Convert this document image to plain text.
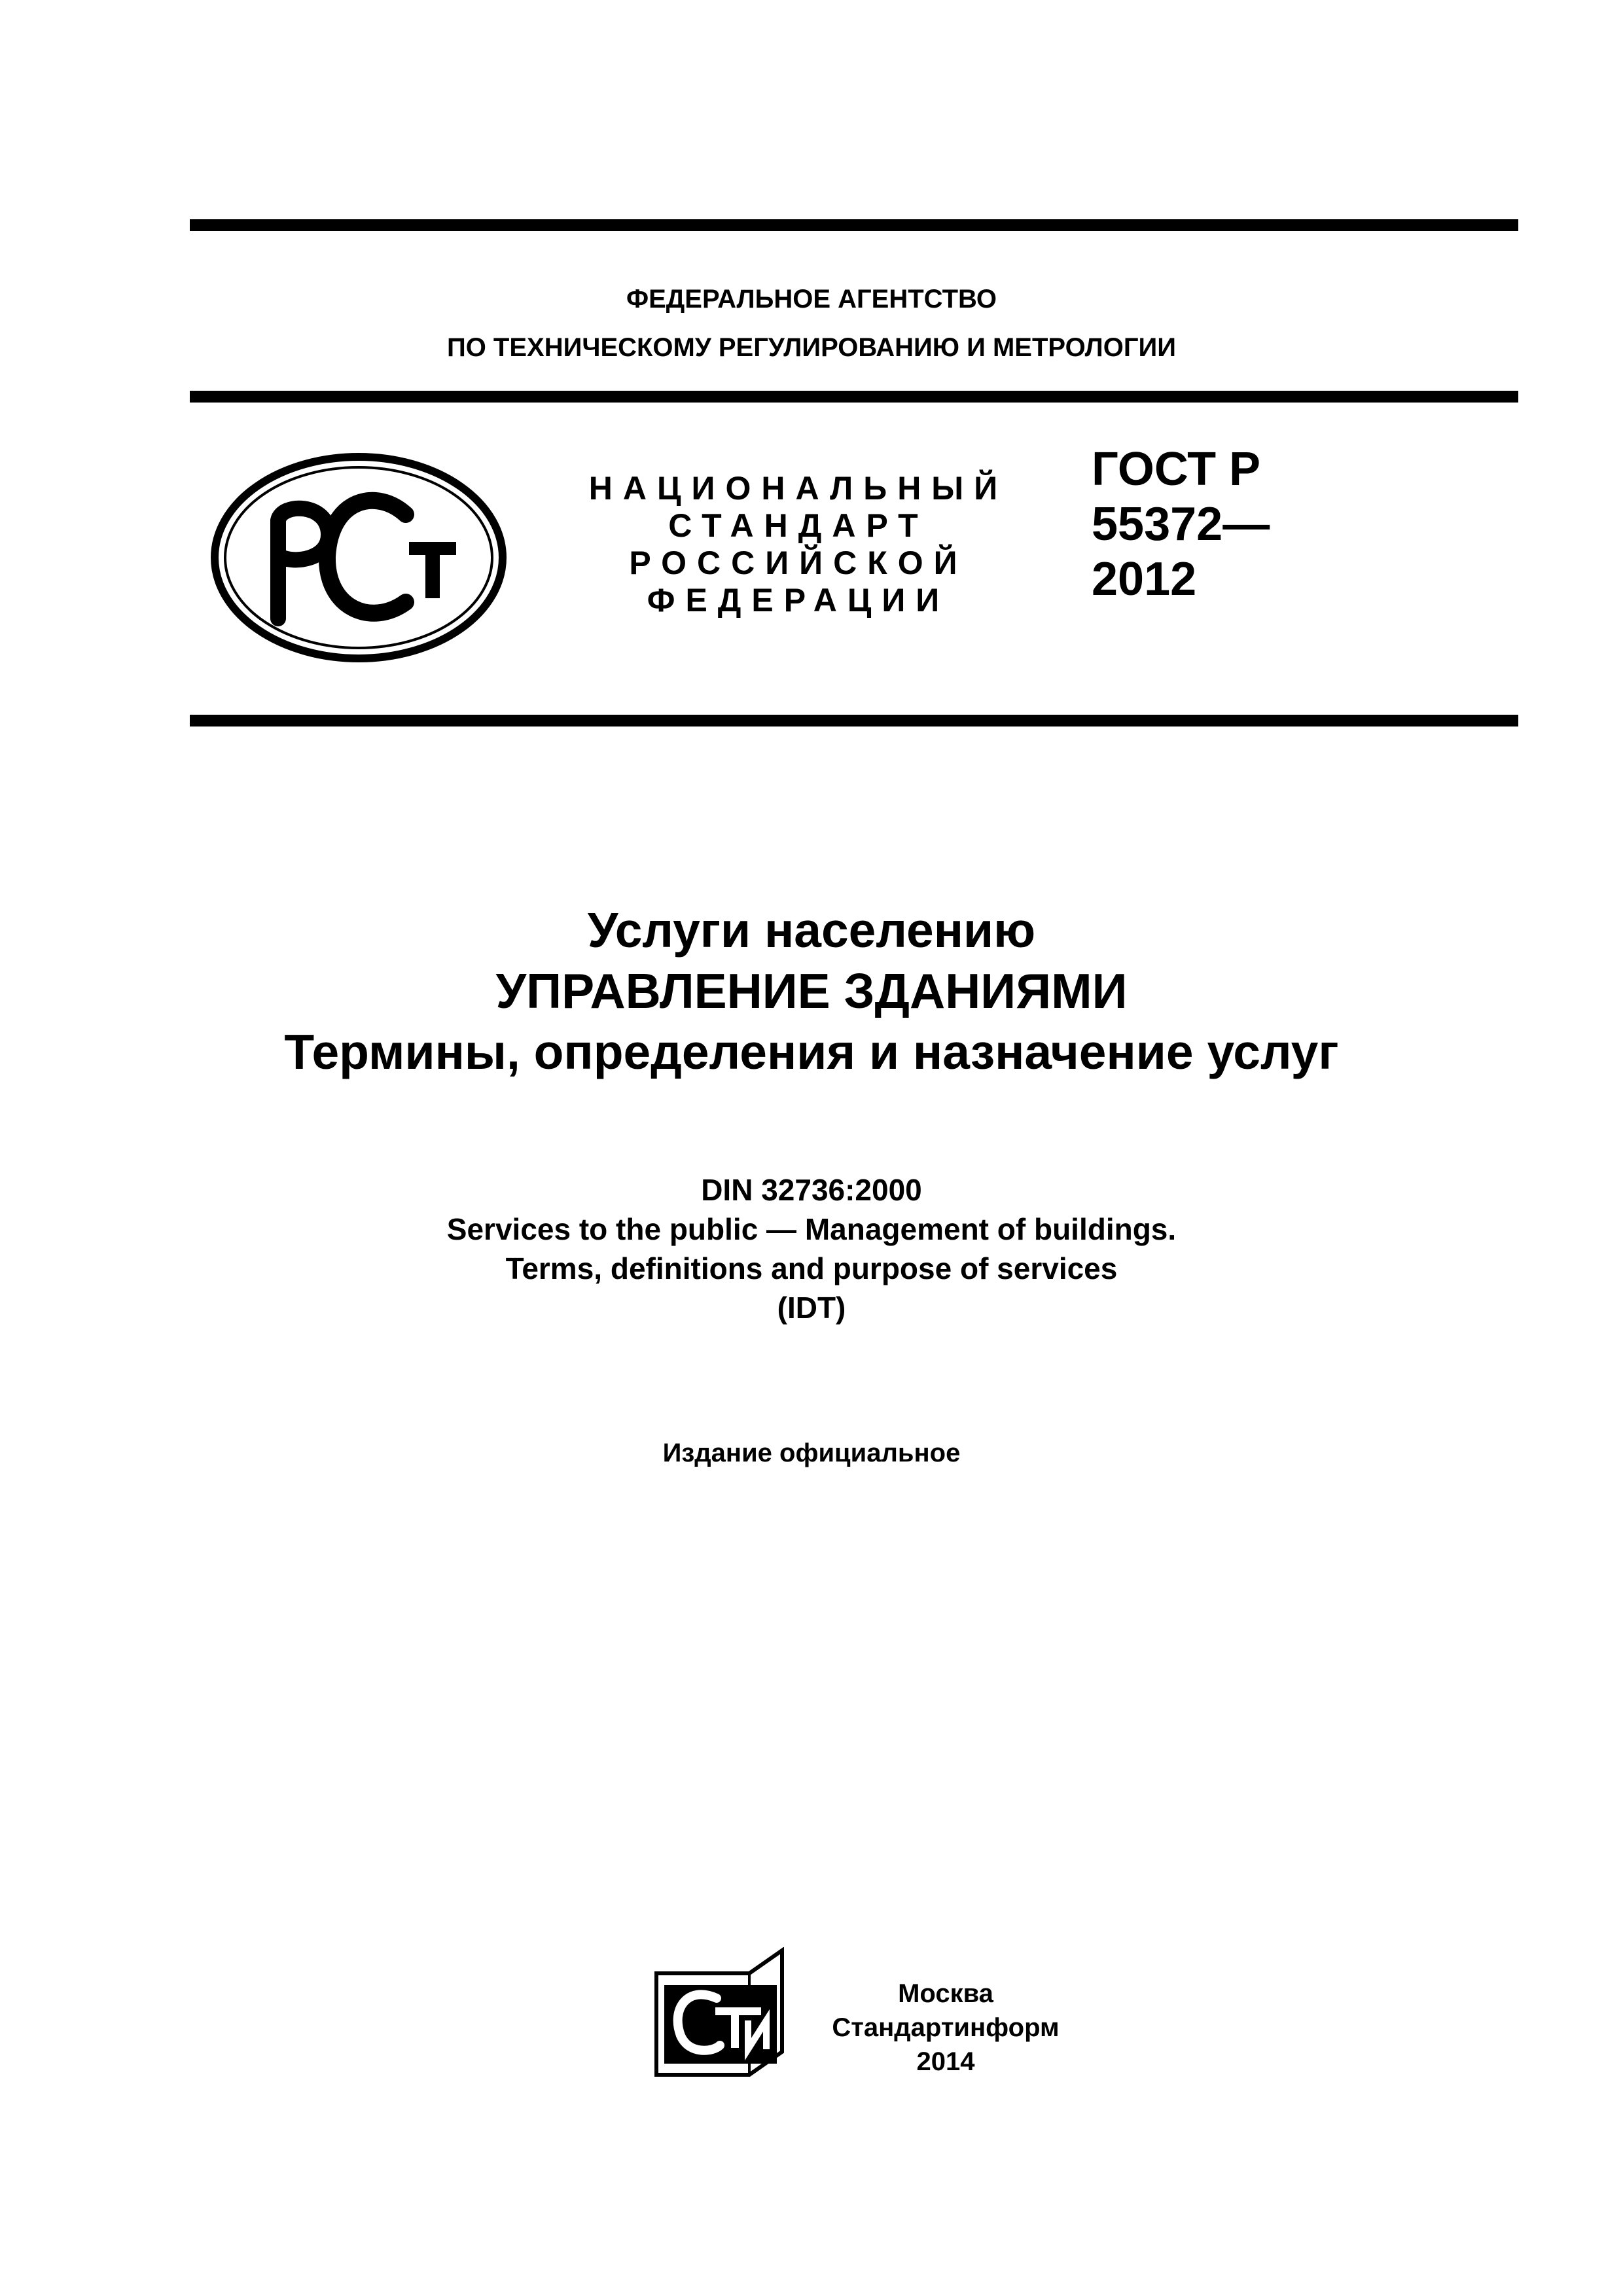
ФЕДЕРАЛЬНОЕ АГЕНТСТВО
ПО ТЕХНИЧЕСКОМУ РЕГУЛИРОВАНИЮ И МЕТРОЛОГИИ
НАЦИОНАЛЬНЫЙ
СТАНДАРТ
РОССИЙСКОЙ
ФЕДЕРАЦИИ
ГОСТ Р
55372—
2012
Услуги населению
УПРАВЛЕНИЕ ЗДАНИЯМИ
Термины, определения и назначение услуг
DIN 32736:2000
Services to the public — Management of buildings.
Terms, definitions and purpose of services
(IDT)
Издание официальное
Москва
Стандартинформ
2014
